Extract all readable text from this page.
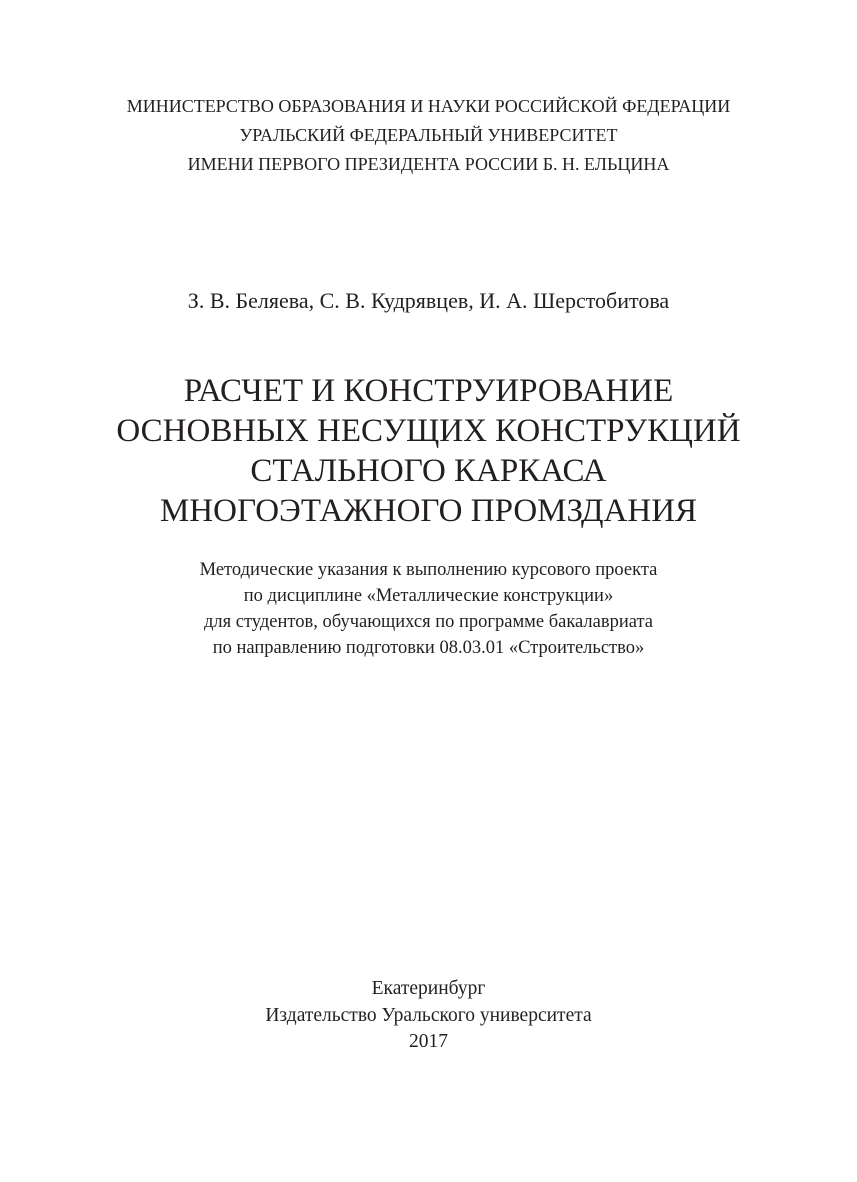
МИНИСТЕРСТВО ОБРАЗОВАНИЯ И НАУКИ РОССИЙСКОЙ ФЕДЕРАЦИИ
УРАЛЬСКИЙ ФЕДЕРАЛЬНЫЙ УНИВЕРСИТЕТ
ИМЕНИ ПЕРВОГО ПРЕЗИДЕНТА РОССИИ Б. Н. ЕЛЬЦИНА
З. В. Беляева, С. В. Кудрявцев, И. А. Шерстобитова
РАСЧЕТ И КОНСТРУИРОВАНИЕ
ОСНОВНЫХ НЕСУЩИХ КОНСТРУКЦИЙ
СТАЛЬНОГО КАРКАСА
МНОГОЭТАЖНОГО ПРОМЗДАНИЯ
Методические указания к выполнению курсового проекта
по дисциплине «Металлические конструкции»
для студентов, обучающихся по программе бакалавриата
по направлению подготовки 08.03.01 «Строительство»
Екатеринбург
Издательство Уральского университета
2017
